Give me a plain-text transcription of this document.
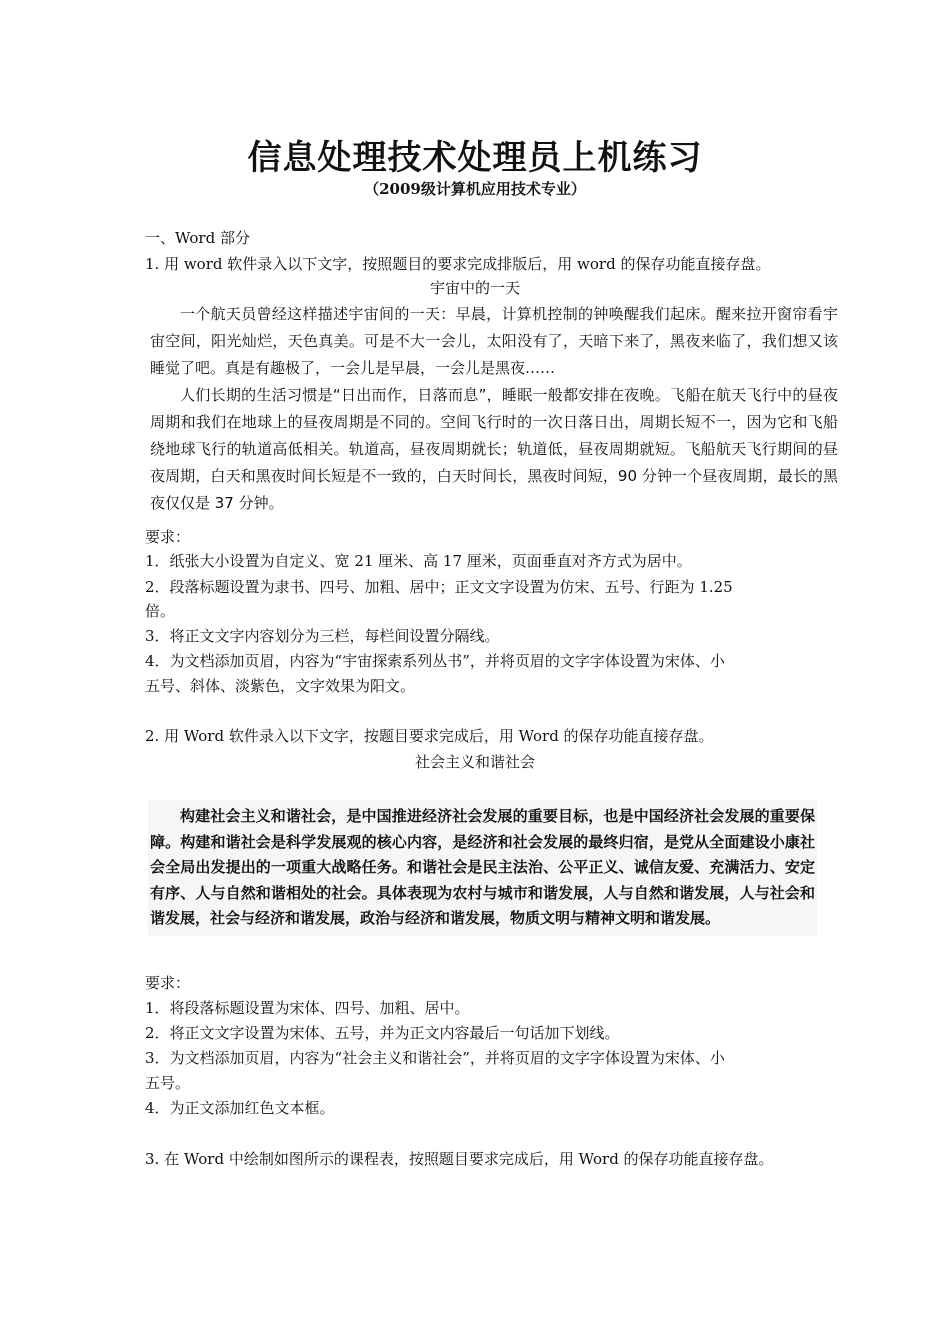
信息处理技术处理员上机练习
（2009级计算机应用技术专业）
一、Word 部分
1. 用 word 软件录入以下文字，按照题目的要求完成排版后，用 word 的保存功能直接存盘。
宇宙中的一天

一个航天员曾经这样描述宇宙间的一天：早晨，计算机控制的钟唤醒我们起床。醒来拉开窗帘看宇宙空间，阳光灿烂，天色真美。可是不大一会儿，太阳没有了，天暗下来了，黑夜来临了，我们想又该睡觉了吧。真是有趣极了，一会儿是早晨，一会儿是黑夜……

人们长期的生活习惯是“日出而作，日落而息”，睡眠一般都安排在夜晚。飞船在航天飞行中的昼夜周期和我们在地球上的昼夜周期是不同的。空间飞行时的一次日落日出，周期长短不一，因为它和飞船绕地球飞行的轨道高低相关。轨道高，昼夜周期就长；轨道低，昼夜周期就短。飞船航天飞行期间的昼夜周期，白天和黑夜时间长短是不一致的，白天时间长，黑夜时间短，90 分钟一个昼夜周期，最长的黑夜仅仅是 37 分钟。

要求：
1．纸张大小设置为自定义、宽 21 厘米、高 17 厘米，页面垂直对齐方式为居中。
2．段落标题设置为隶书、四号、加粗、居中；正文文字设置为仿宋、五号、行距为 1.25
倍。
3．将正文文字内容划分为三栏，每栏间设置分隔线。
4．为文档添加页眉，内容为“宇宙探索系列丛书”，并将页眉的文字字体设置为宋体、小
五号、斜体、淡紫色，文字效果为阳文。
2. 用 Word 软件录入以下文字，按题目要求完成后，用 Word 的保存功能直接存盘。
社会主义和谐社会

构建社会主义和谐社会，是中国推进经济社会发展的重要目标，也是中国经济社会发展的重要保障。构建和谐社会是科学发展观的核心内容，是经济和社会发展的最终归宿，是党从全面建设小康社会全局出发提出的一项重大战略任务。和谐社会是民主法治、公平正义、诚信友爱、充满活力、安定有序、人与自然和谐相处的社会。具体表现为农村与城市和谐发展，人与自然和谐发展，人与社会和谐发展，社会与经济和谐发展，政治与经济和谐发展，物质文明与精神文明和谐发展。

要求：
1．将段落标题设置为宋体、四号、加粗、居中。
2．将正文文字设置为宋体、五号，并为正文内容最后一句话加下划线。
3．为文档添加页眉，内容为“社会主义和谐社会”，并将页眉的文字字体设置为宋体、小
五号。
4．为正文添加红色文本框。
3. 在 Word 中绘制如图所示的课程表，按照题目要求完成后，用 Word 的保存功能直接存盘。
